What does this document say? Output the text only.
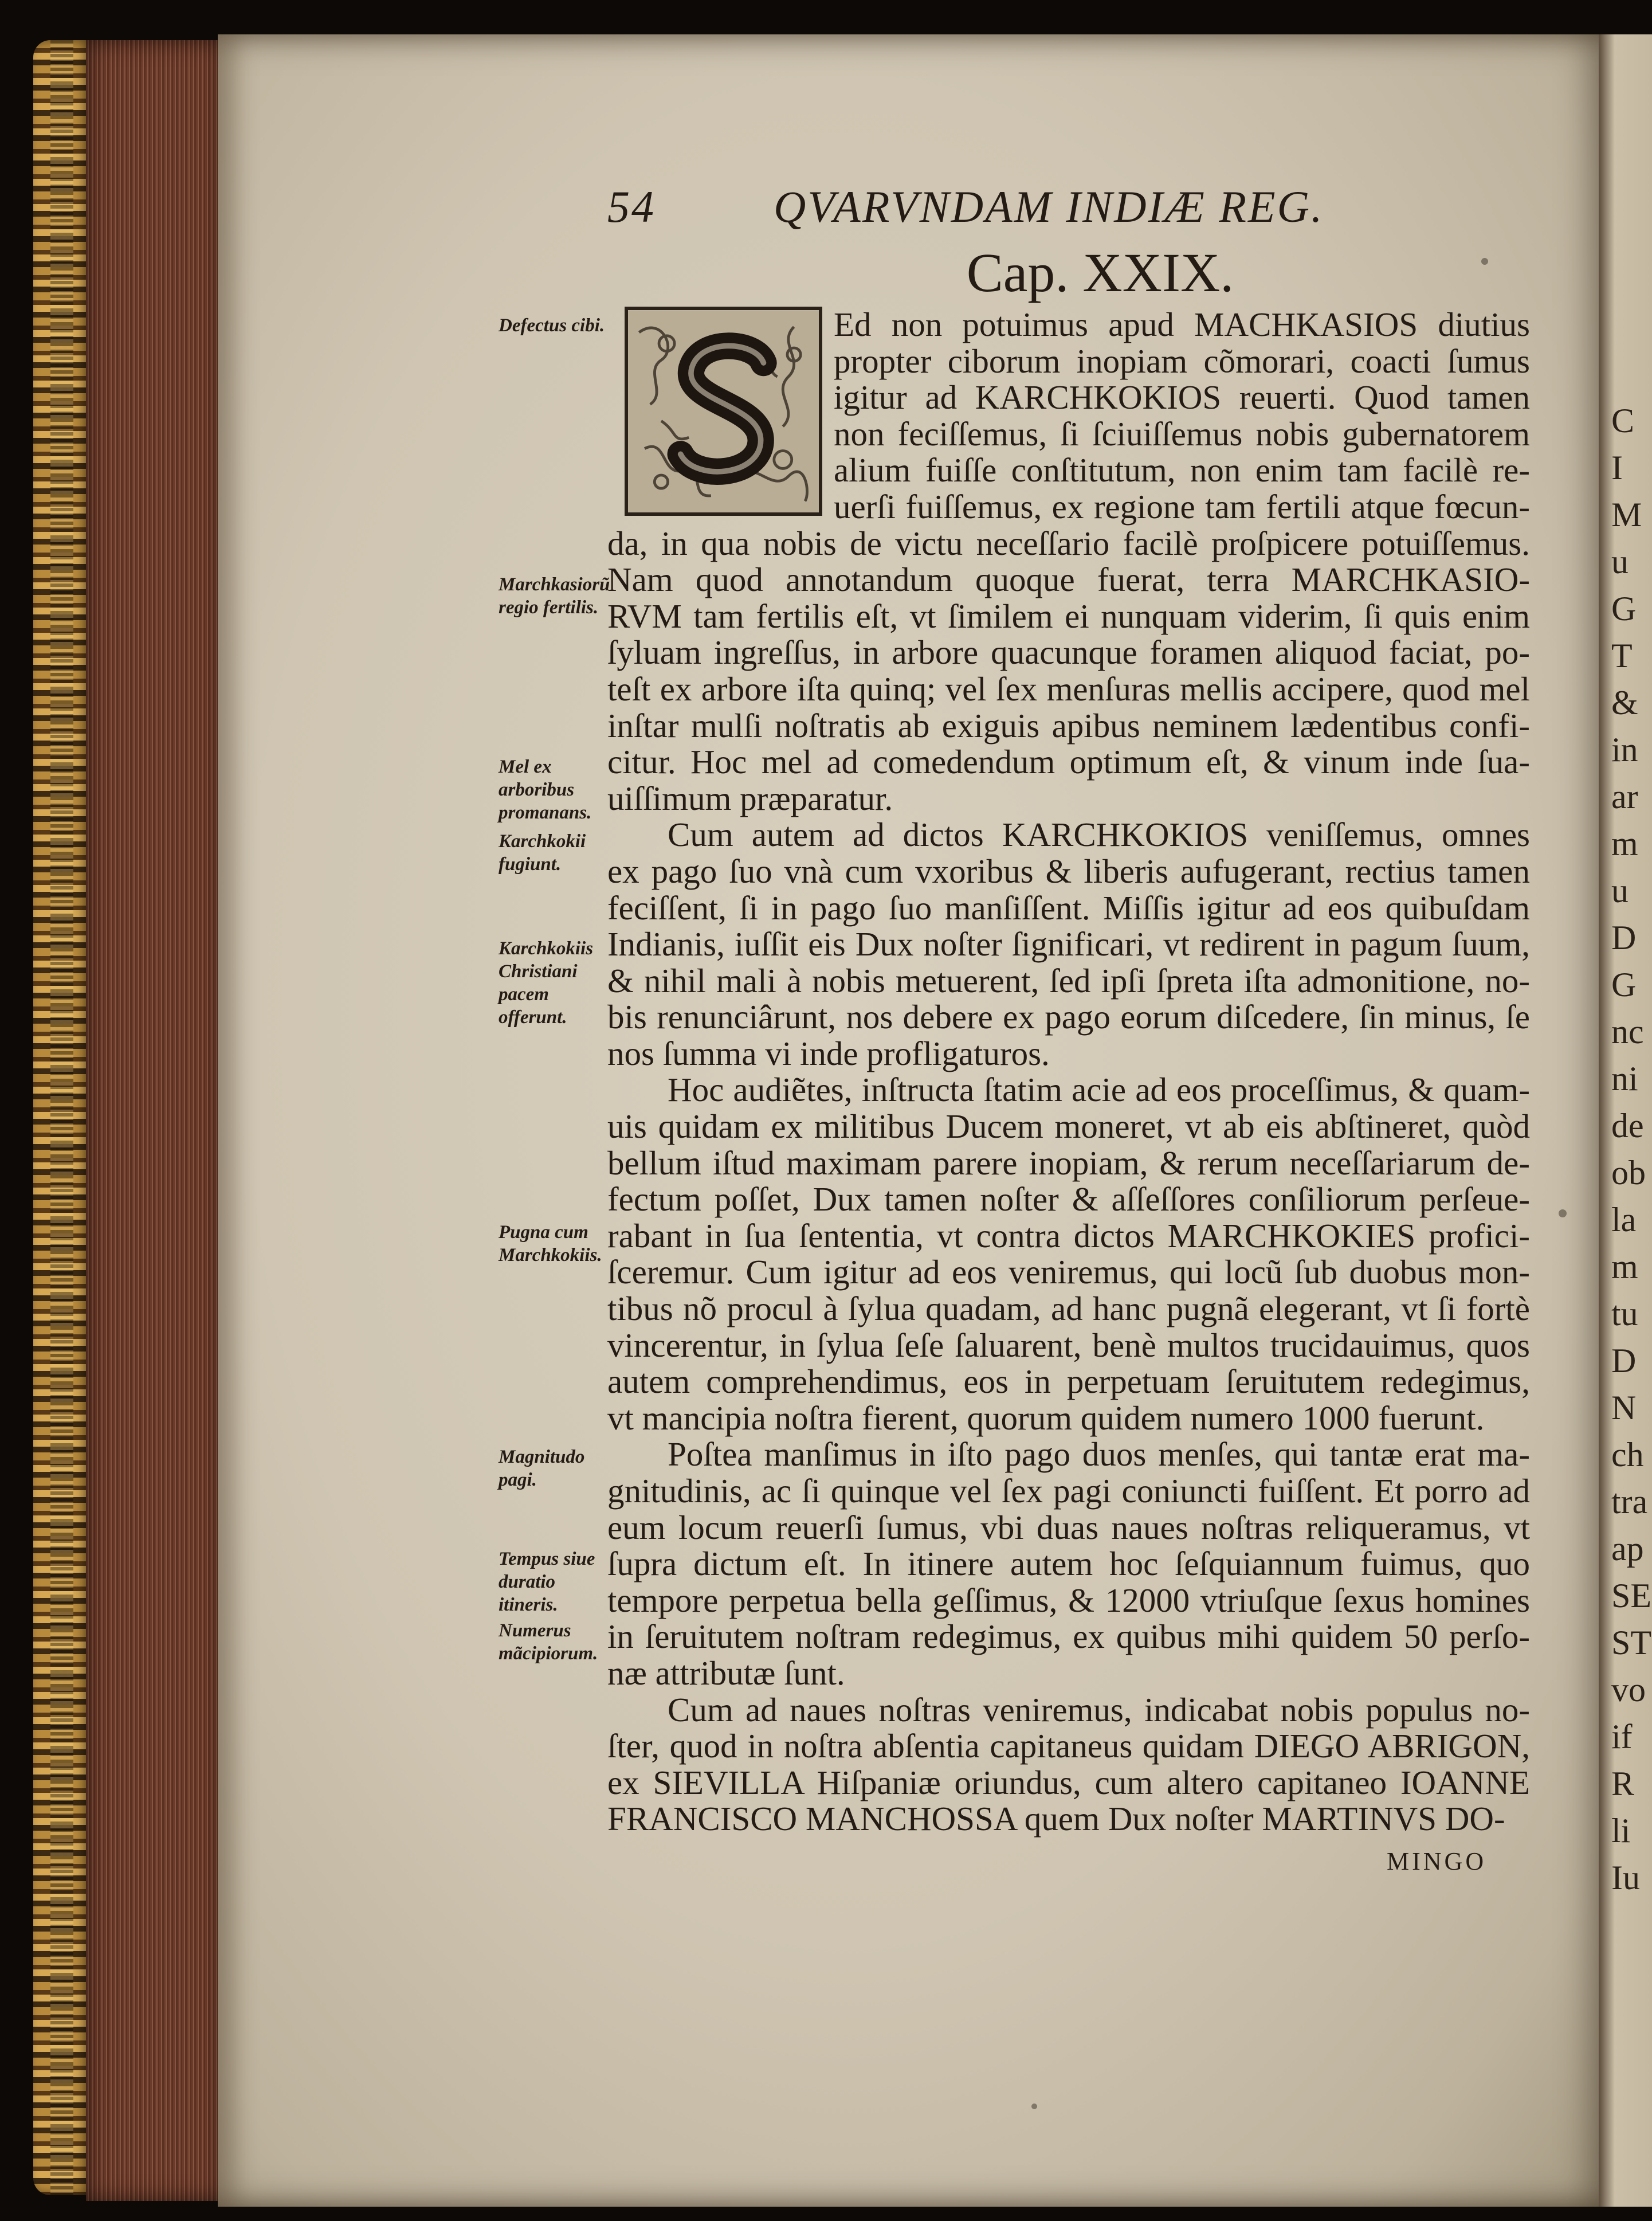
C
I
M
u
G
T
&
in
ar
m
u
D
G
nc
ni
de
ob
la
m
tu
D
N
ch
tra
ap
SE
ST
vo
if
R
li
Iu
54	QVARVNDAM INDIÆ REG.
Cap. XXIX.
Ed non potuimus apud MACHKASIOS diutius
propter ciborum inopiam cõmorari, coacti ſumus
igitur ad KARCHKOKIOS reuerti. Quod tamen
non feciſſemus, ſi ſciuiſſemus nobis gubernatorem
alium fuiſſe conſtitutum, non enim tam facilè re-
uerſi fuiſſemus, ex regione tam fertili atque fœcun-
da, in qua nobis de victu neceſſario facilè proſpicere potuiſſemus.
Nam quod annotandum quoque fuerat, terra MARCHKASIO-
RVM tam fertilis eſt, vt ſimilem ei nunquam viderim, ſi quis enim
ſyluam ingreſſus, in arbore quacunque foramen aliquod faciat, po-
teſt ex arbore iſta quinq; vel ſex menſuras mellis accipere, quod mel
inſtar mulſi noſtratis ab exiguis apibus neminem lædentibus confi-
citur. Hoc mel ad comedendum optimum eſt, & vinum inde ſua-
uiſſimum præparatur.
Cum autem ad dictos KARCHKOKIOS veniſſemus, omnes
ex pago ſuo vnà cum vxoribus & liberis aufugerant, rectius tamen
feciſſent, ſi in pago ſuo manſiſſent. Miſſis igitur ad eos quibuſdam
Indianis, iuſſit eis Dux noſter ſignificari, vt redirent in pagum ſuum,
& nihil mali à nobis metuerent, ſed ipſi ſpreta iſta admonitione, no-
bis renunciârunt, nos debere ex pago eorum diſcedere, ſin minus, ſe
nos ſumma vi inde profligaturos.
Hoc audiẽtes, inſtructa ſtatim acie ad eos proceſſimus, & quam-
uis quidam ex militibus Ducem moneret, vt ab eis abſtineret, quòd
bellum iſtud maximam parere inopiam, & rerum neceſſariarum de-
fectum poſſet, Dux tamen noſter & aſſeſſores conſiliorum perſeue-
rabant in ſua ſententia, vt contra dictos MARCHKOKIES profici-
ſceremur. Cum igitur ad eos veniremus, qui locũ ſub duobus mon-
tibus nõ procul à ſylua quadam, ad hanc pugnã elegerant, vt ſi fortè
vincerentur, in ſylua ſeſe ſaluarent, benè multos trucidauimus, quos
autem comprehendimus, eos in perpetuam ſeruitutem redegimus,
vt mancipia noſtra fierent, quorum quidem numero 1000 fuerunt.
Poſtea manſimus in iſto pago duos menſes, qui tantæ erat ma-
gnitudinis, ac ſi quinque vel ſex pagi coniuncti fuiſſent. Et porro ad
eum locum reuerſi ſumus, vbi duas naues noſtras reliqueramus, vt
ſupra dictum eſt. In itinere autem hoc ſeſquiannum fuimus, quo
tempore perpetua bella geſſimus, & 12000 vtriuſque ſexus homines
in ſeruitutem noſtram redegimus, ex quibus mihi quidem 50 perſo-
næ attributæ ſunt.
Cum ad naues noſtras veniremus, indicabat nobis populus no-
ſter, quod in noſtra abſentia capitaneus quidam DIEGO ABRIGON,
ex SIEVILLA Hiſpaniæ oriundus, cum altero capitaneo IOANNE
FRANCISCO MANCHOSSA quem Dux noſter MARTINVS DO-
Defectus cibi.
Marchkasiorũ regio fertilis.
Mel ex arboribus promanans.
Karchkokii fugiunt.
Karchkokiis Christiani pacem offerunt.
Pugna cum Marchkokiis.
Magnitudo pagi.
Tempus siue duratio itineris.
Numerus mãcipiorum.
MINGO
